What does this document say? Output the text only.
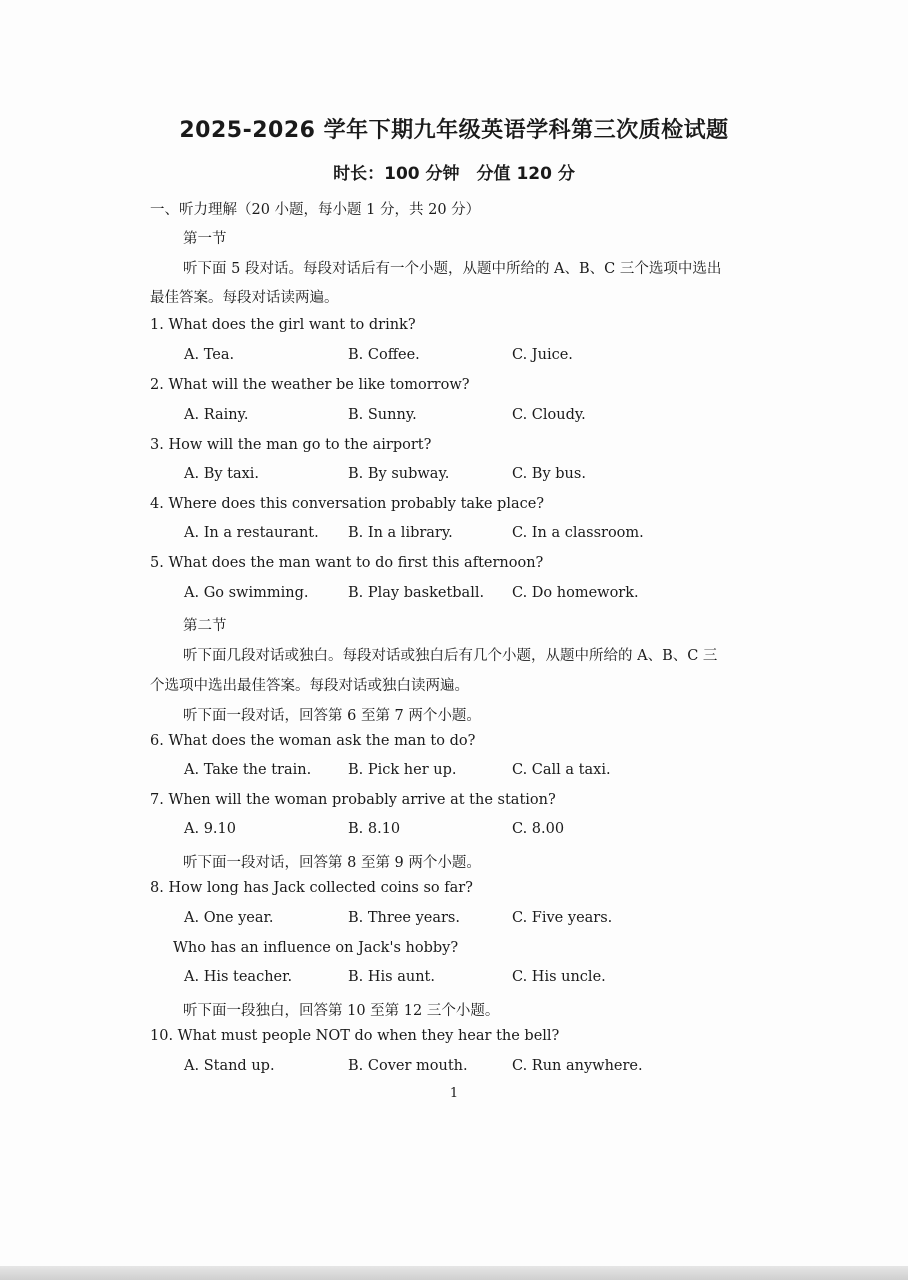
2025-2026 学年下期九年级英语学科第三次质检试题
时长：100 分钟　分值 120 分
一、听力理解（20 小题，每小题 1 分，共 20 分）
第一节
听下面 5 段对话。每段对话后有一个小题，从题中所给的 A、B、C 三个选项中选出
最佳答案。每段对话读两遍。
1. What does the girl want to drink?
A. Tea.	B. Coffee.	C. Juice.
2. What will the weather be like tomorrow?
A. Rainy.	B. Sunny.	C. Cloudy.
3. How will the man go to the airport?
A. By taxi.	B. By subway.	C. By bus.
4. Where does this conversation probably take place?
A. In a restaurant. B. In a library.	C. In a classroom.
5. What does the man want to do first this afternoon?
A. Go swimming.	B. Play basketball. C. Do homework.
第二节
听下面几段对话或独白。每段对话或独白后有几个小题，从题中所给的 A、B、C 三
个选项中选出最佳答案。每段对话或独白读两遍。
听下面一段对话，回答第 6 至第 7 两个小题。
6. What does the woman ask the man to do?
A. Take the train.	B. Pick her up.	C. Call a taxi.
7. When will the woman probably arrive at the station?
A. 9.10	B. 8.10	C. 8.00
听下面一段对话，回答第 8 至第 9 两个小题。
8. How long has Jack collected coins so far?
A. One year.	B. Three years.	C. Five years.
Who has an influence on Jack's hobby?
A. His teacher.	B. His aunt.	C. His uncle.
听下面一段独白，回答第 10 至第 12 三个小题。
10. What must people NOT do when they hear the bell?
A. Stand up.	B. Cover mouth.	C. Run anywhere.
1
